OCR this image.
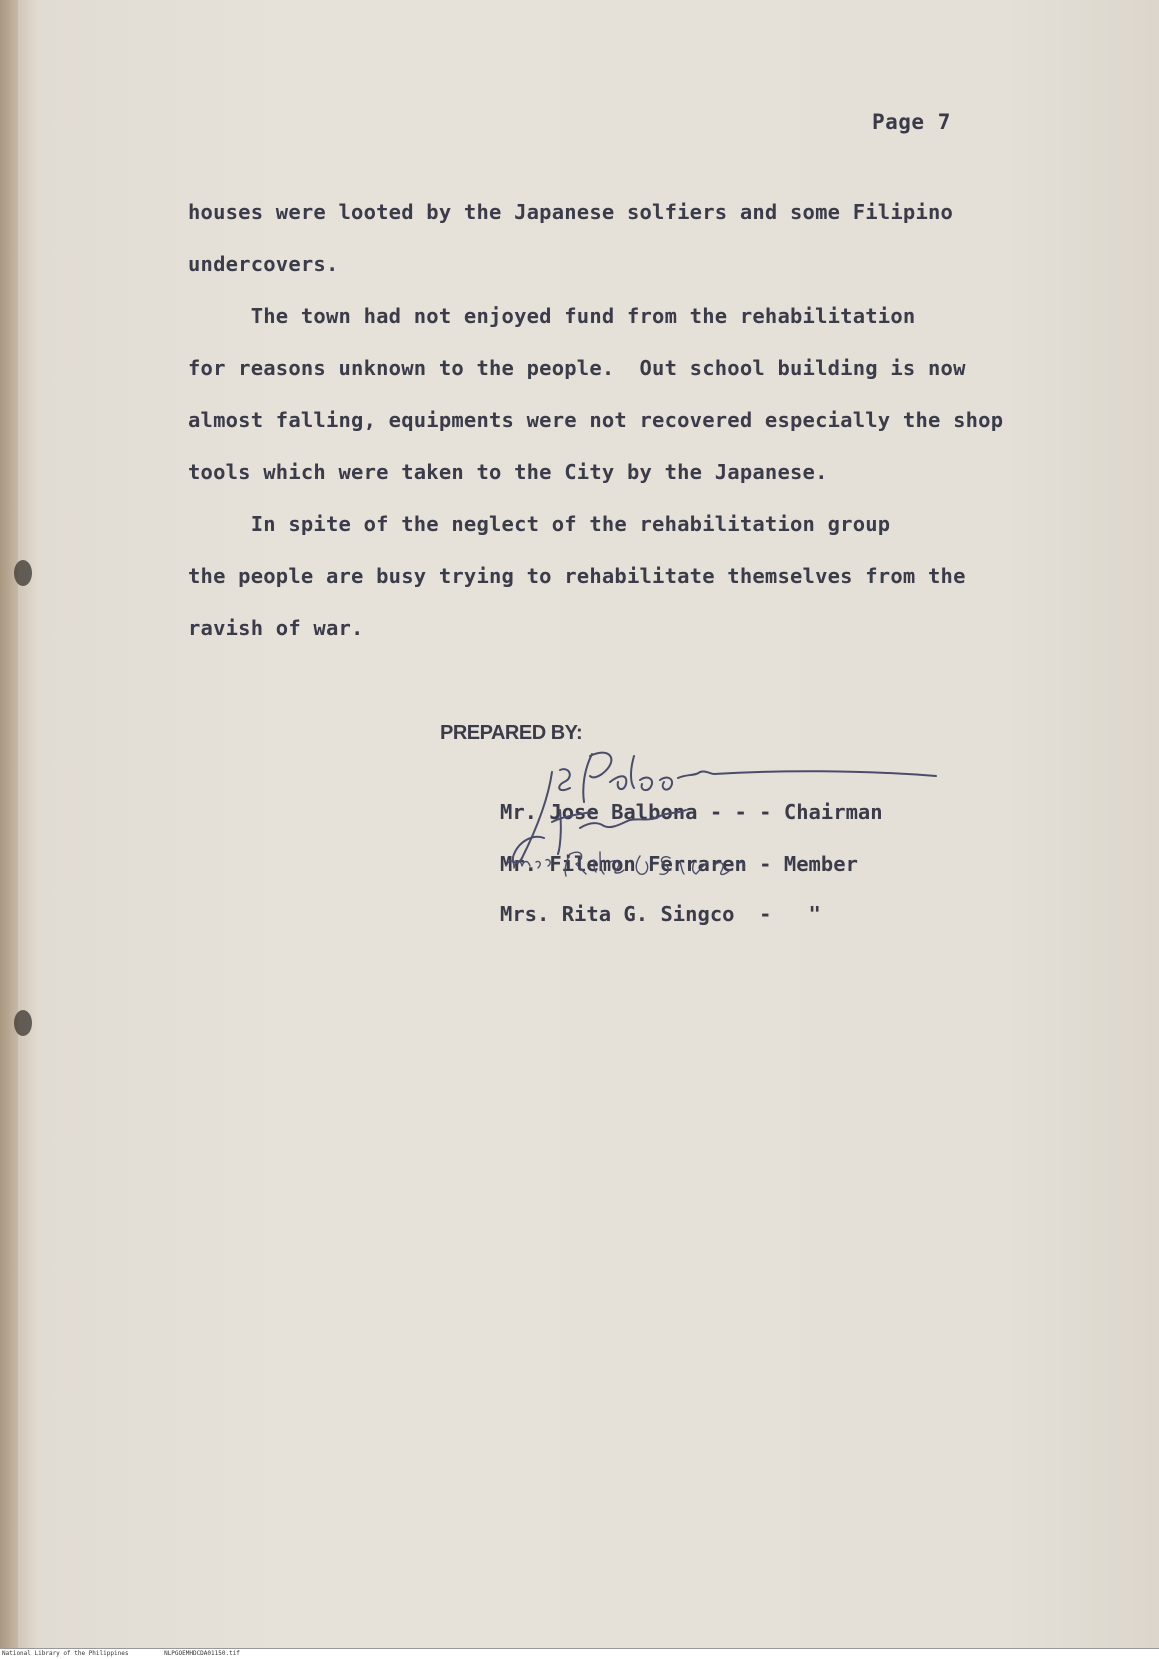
Page 7
houses were looted by the Japanese solfiers and some Filipino
undercovers.
The town had not enjoyed fund from the rehabilitation
for reasons unknown to the people.  Out school building is now
almost falling, equipments were not recovered especially the shop
tools which were taken to the City by the Japanese.
In spite of the neglect of the rehabilitation group
the people are busy trying to rehabilitate themselves from the
ravish of war.
PREPARED BY:
Mr. Jose Balbona - - - Chairman
Mr. Filemon Ferraren - Member
Mrs. Rita G. Singco  -   "
National Library of the Philippines	NLPGOEMHDCDA01150.tif
